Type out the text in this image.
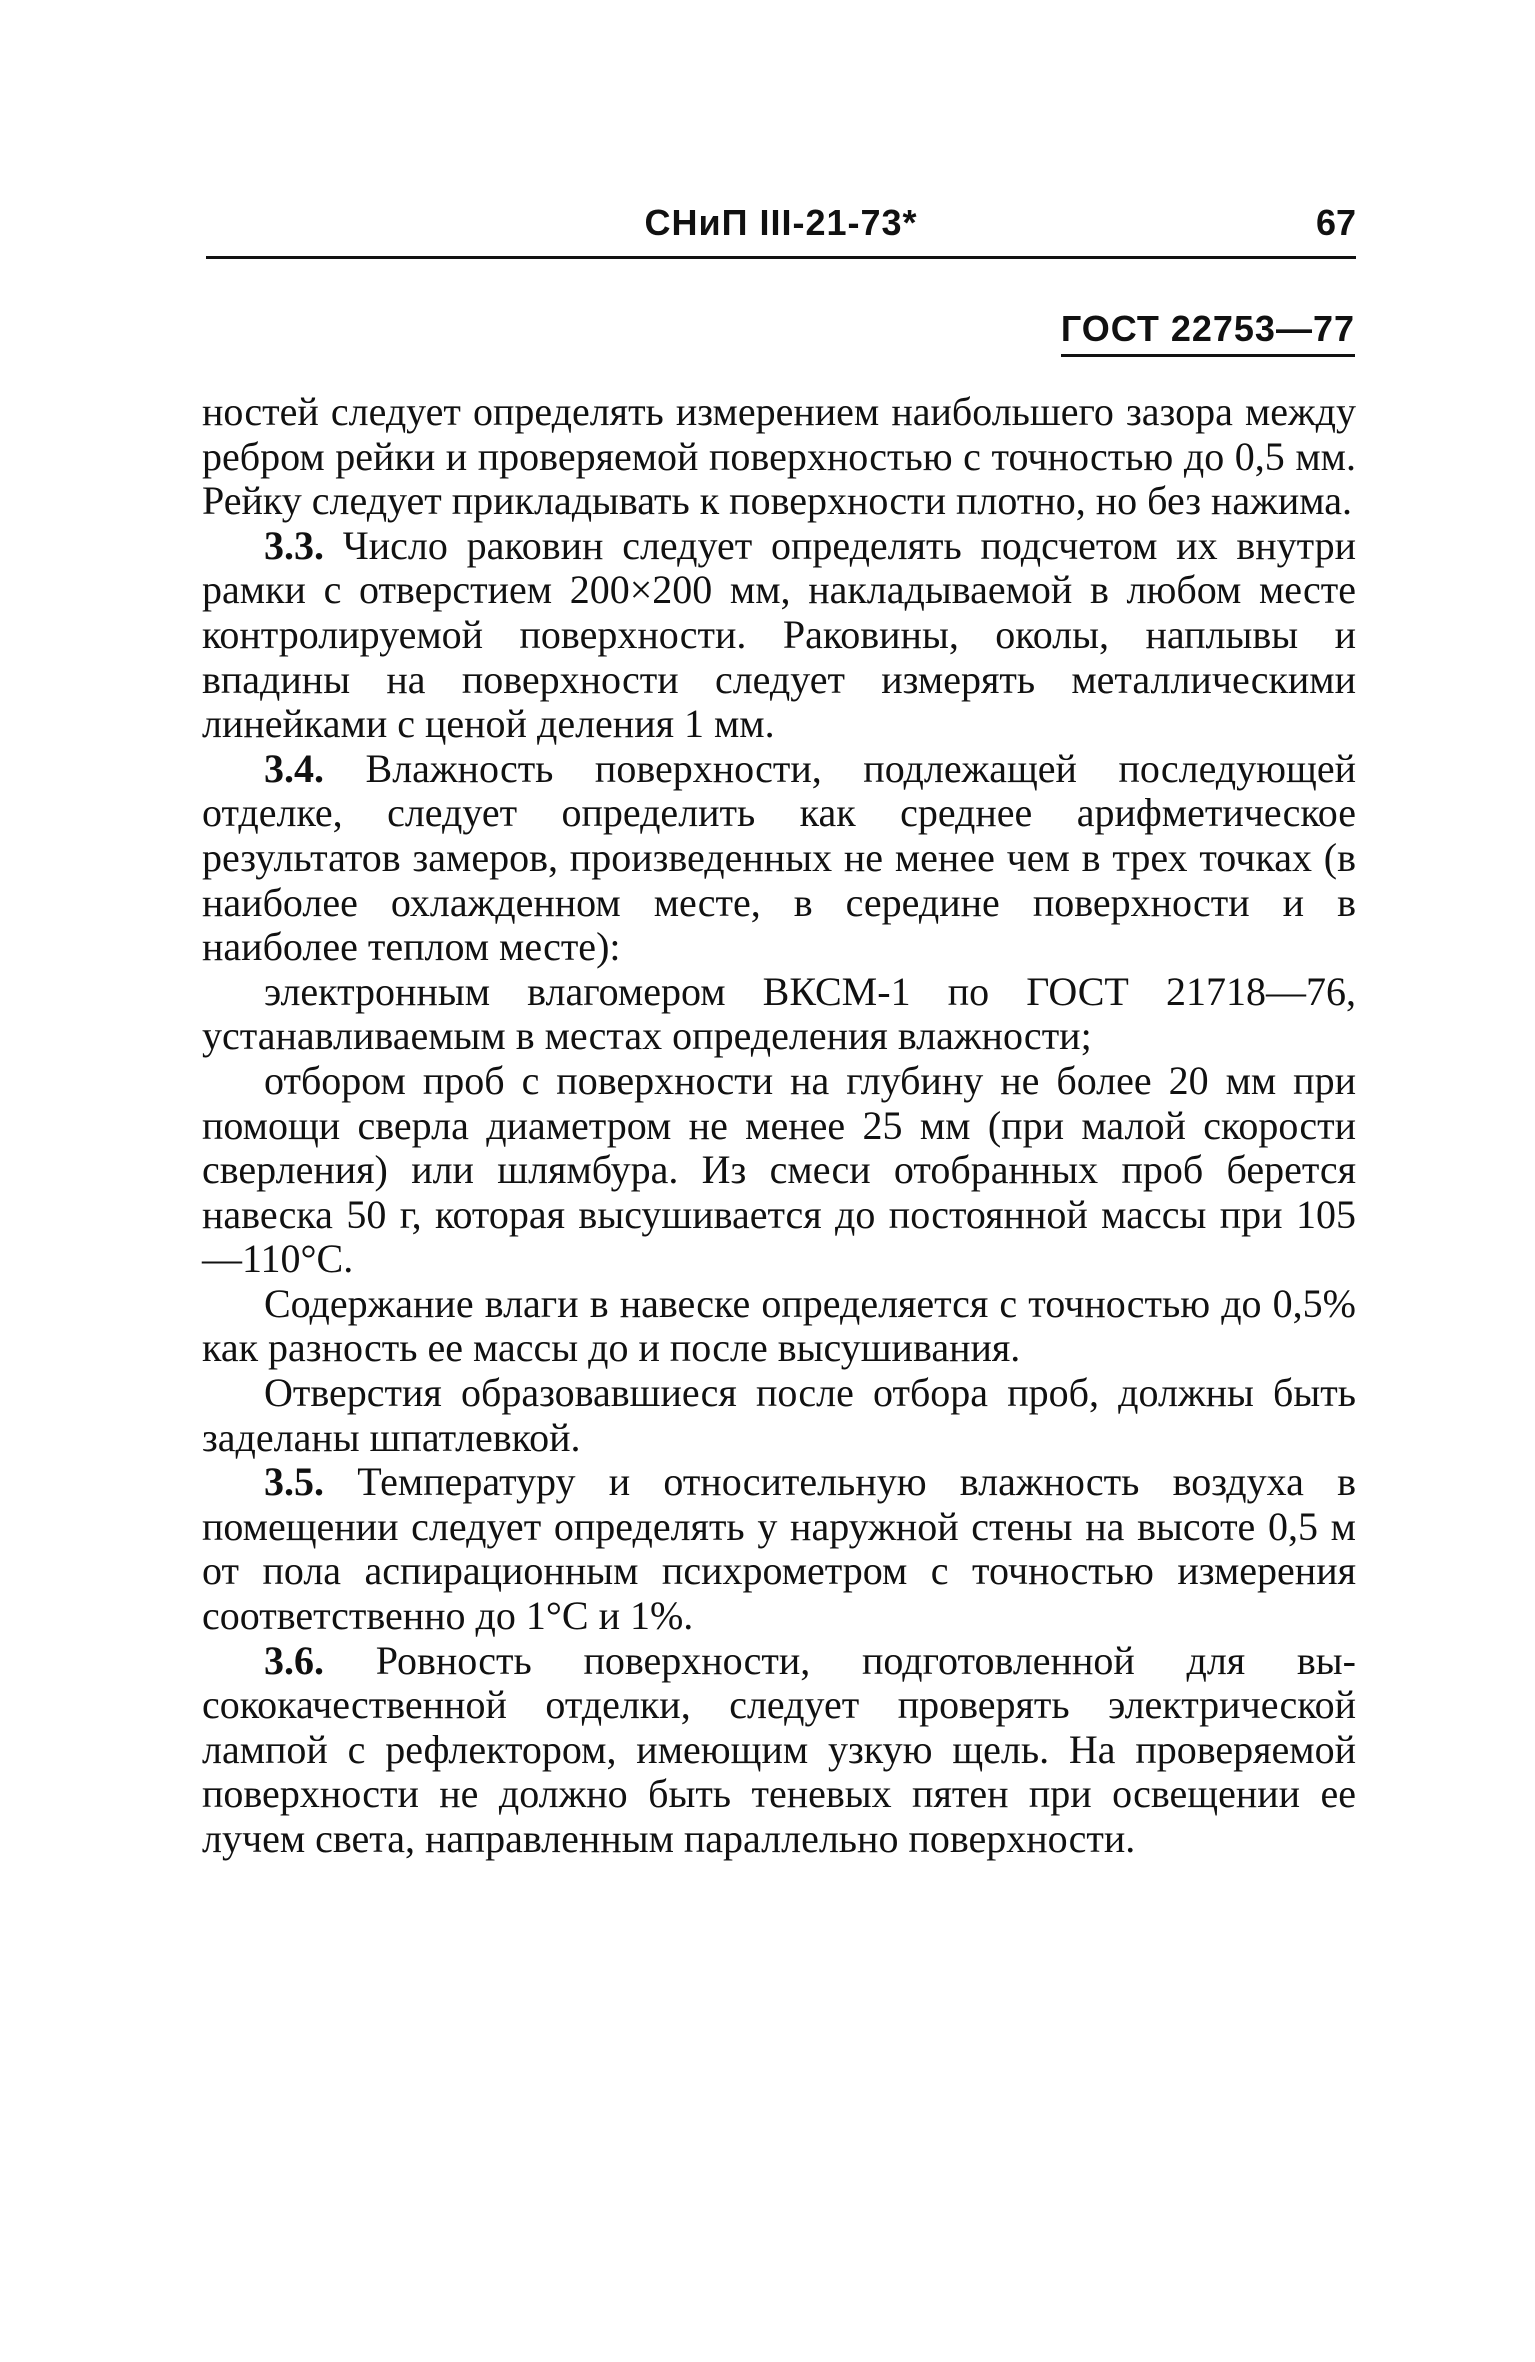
СНиП III-21-73*	67
ГОСТ 22753—77

ностей следует определять измерением наибольшего зазора между ребром рейки и проверяемой поверхностью с точностью до 0,5 мм. Рейку следует прикладывать к поверхности плотно, но без нажима.

3.3. Число раковин следует определять подсчетом их внутри рамки с отверстием 200×200 мм, накладываемой в любом месте контролируемой поверхности. Раковины, околы, наплывы и впадины на поверхности следует измерять металлическими линейками с ценой деления 1 мм.

3.4. Влажность поверхности, подлежащей последующей отделке, следует определить как среднее арифметическое результатов замеров, произведенных не менее чем в трех точках (в наиболее охлажденном месте, в середине поверхности и в наиболее теплом месте):

электронным влагомером ВКСМ-1 по ГОСТ 21718—76, устанавливаемым в местах определения влажности;

отбором проб с поверхности на глубину не более 20 мм при помощи сверла диаметром не менее 25 мм (при малой скорости сверления) или шлямбура. Из смеси отобранных проб берется навеска 50 г, которая высушивается до постоянной массы при 105—110°С.

Содержание влаги в навеске определяется с точностью до 0,5% как разность ее массы до и после высушивания.

Отверстия образовавшиеся после отбора проб, должны быть заделаны шпатлевкой.

3.5. Температуру и относительную влажность воздуха в помещении следует определять у наружной стены на высоте 0,5 м от пола аспирационным психрометром с точностью измерения соответственно до 1°С и 1%.

3.6. Ровность поверхности, подготовленной для высококачественной отделки, следует проверять электрической лампой с рефлектором, имеющим узкую щель. На проверяемой поверхности не должно быть теневых пятен при освещении ее лучем света, направленным параллельно поверхности.
